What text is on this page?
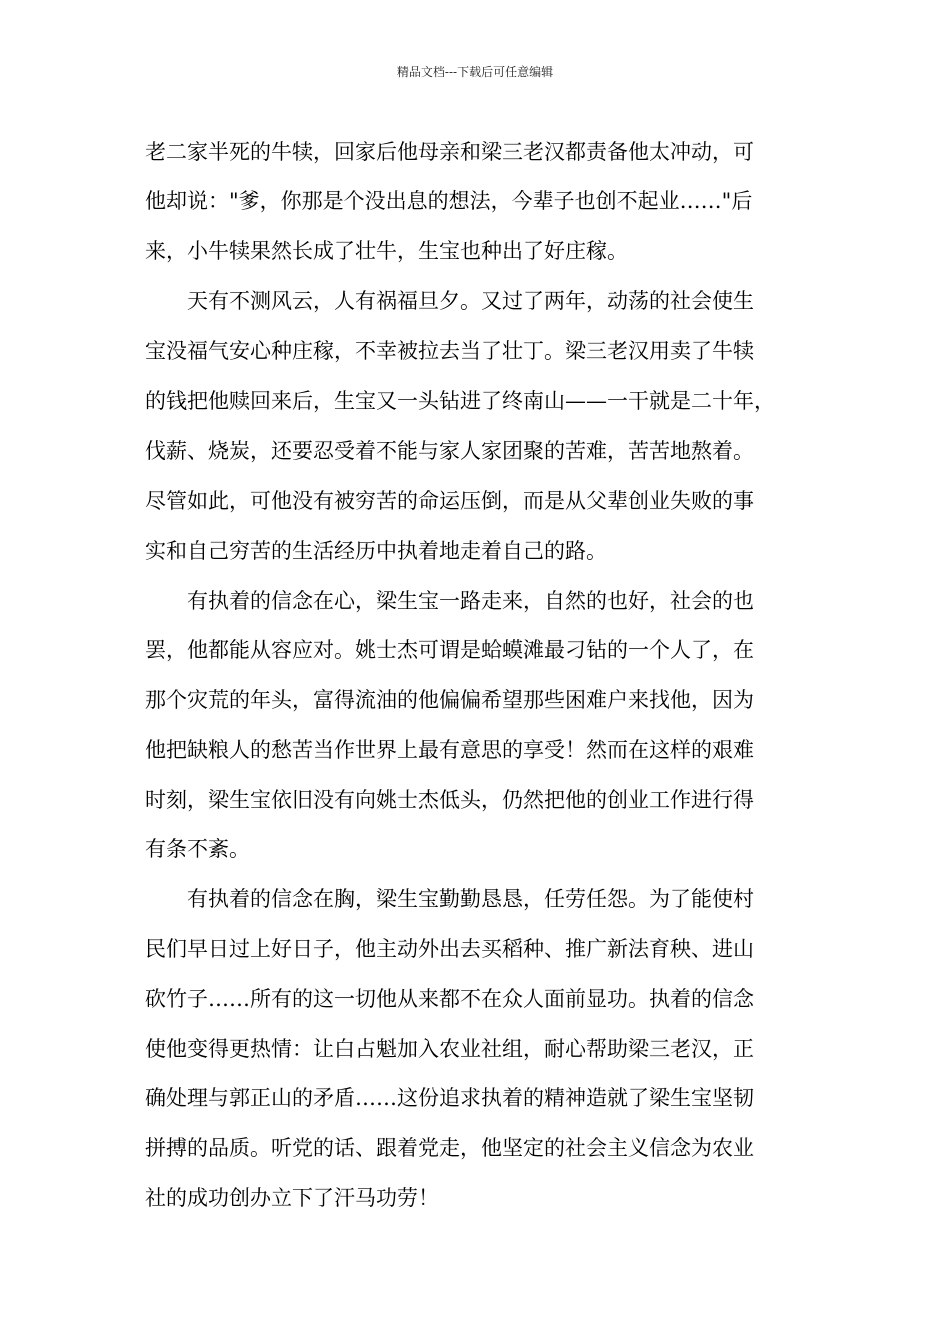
精品文档---下载后可任意编辑
老二家半死的牛犊，回家后他母亲和梁三老汉都责备他太冲动，可
他却说："爹，你那是个没出息的想法，今辈子也创不起业……"后
来，小牛犊果然长成了壮牛，生宝也种出了好庄稼。
　　天有不测风云，人有祸福旦夕。又过了两年，动荡的社会使生
宝没福气安心种庄稼，不幸被拉去当了壮丁。梁三老汉用卖了牛犊
的钱把他赎回来后，生宝又一头钻进了终南山——一干就是二十年，
伐薪、烧炭，还要忍受着不能与家人家团聚的苦难，苦苦地熬着。
尽管如此，可他没有被穷苦的命运压倒，而是从父辈创业失败的事
实和自己穷苦的生活经历中执着地走着自己的路。
　　有执着的信念在心，梁生宝一路走来，自然的也好，社会的也
罢，他都能从容应对。姚士杰可谓是蛤蟆滩最刁钻的一个人了，在
那个灾荒的年头，富得流油的他偏偏希望那些困难户来找他，因为
他把缺粮人的愁苦当作世界上最有意思的享受！然而在这样的艰难
时刻，梁生宝依旧没有向姚士杰低头，仍然把他的创业工作进行得
有条不紊。
　　有执着的信念在胸，梁生宝勤勤恳恳，任劳任怨。为了能使村
民们早日过上好日子，他主动外出去买稻种、推广新法育秧、进山
砍竹子……所有的这一切他从来都不在众人面前显功。执着的信念
使他变得更热情：让白占魁加入农业社组，耐心帮助梁三老汉，正
确处理与郭正山的矛盾……这份追求执着的精神造就了梁生宝坚韧
拼搏的品质。听党的话、跟着党走，他坚定的社会主义信念为农业
社的成功创办立下了汗马功劳！
